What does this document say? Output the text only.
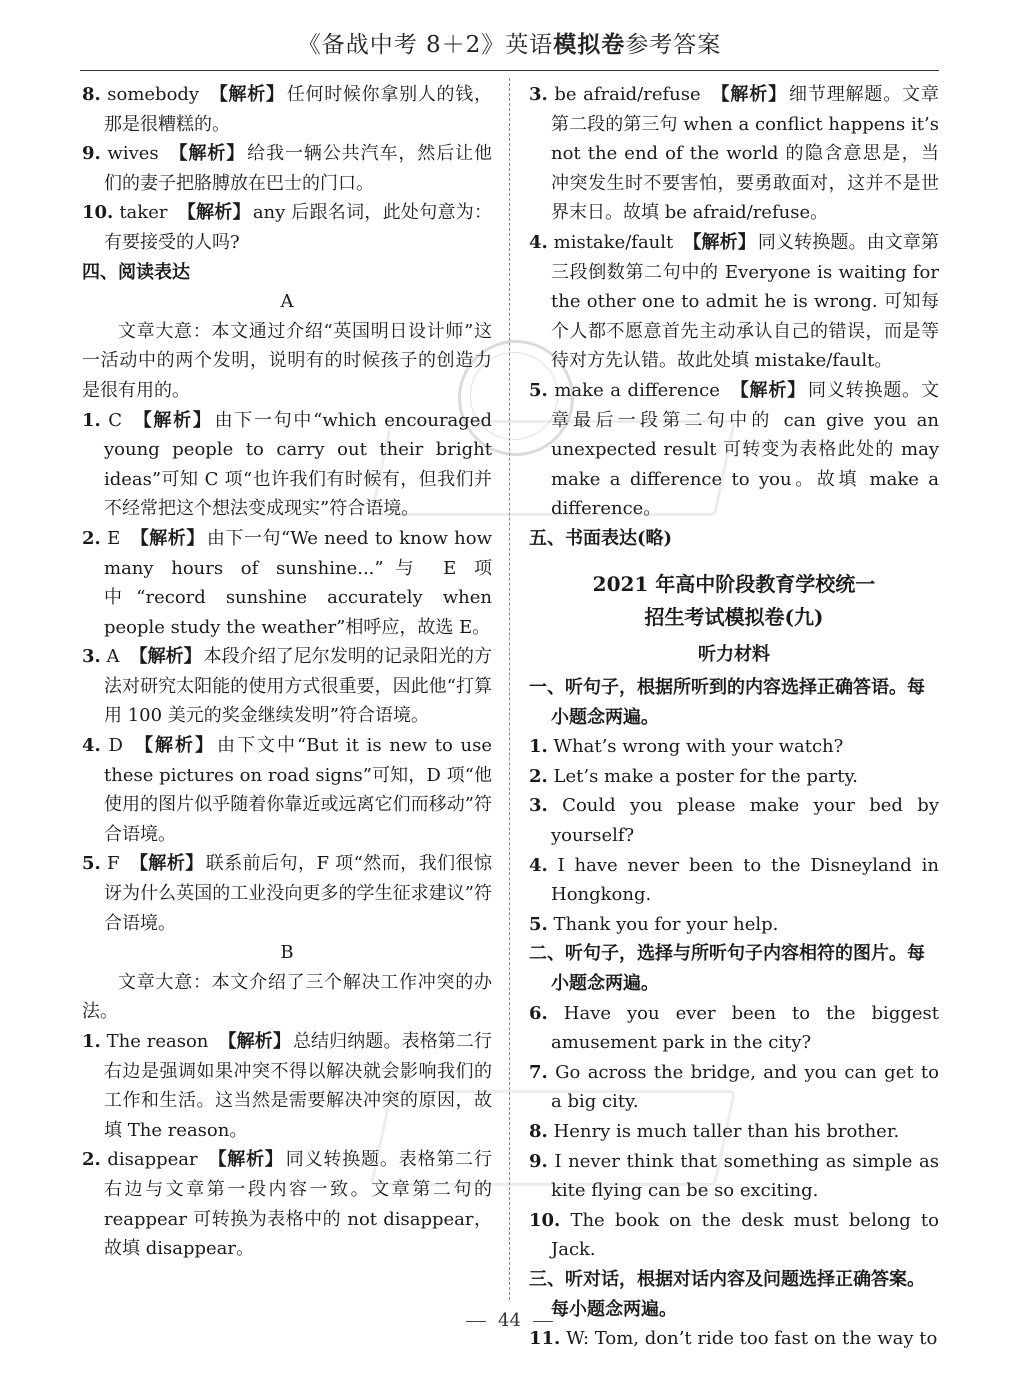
《备战中考 8＋2》英语模拟卷参考答案

8. somebody 【解析】 任何时候你拿别人的钱，那是很糟糕的。

9. wives 【解析】 给我一辆公共汽车，然后让他们的妻子把胳膊放在巴士的门口。

10. taker 【解析】 any 后跟名词，此处句意为：有要接受的人吗?

四、阅读表达

A

文章大意：本文通过介绍“英国明日设计师”这一活动中的两个发明，说明有的时候孩子的创造力是很有用的。

1. C 【解析】 由下一句中“which encouraged young people to carry out their bright ideas”可知 C 项“也许我们有时候有，但我们并不经常把这个想法变成现实”符合语境。

2. E 【解析】 由下一句“We need to know how many hours of sunshine...”与 E 项中“record sunshine accurately when people study the weather”相呼应，故选 E。

3. A 【解析】 本段介绍了尼尔发明的记录阳光的方法对研究太阳能的使用方式很重要，因此他“打算用 100 美元的奖金继续发明”符合语境。

4. D 【解析】 由下文中“But it is new to use these pictures on road signs”可知，D 项“他使用的图片似乎随着你靠近或远离它们而移动”符合语境。

5. F 【解析】 联系前后句，F 项“然而，我们很惊讶为什么英国的工业没向更多的学生征求建议”符合语境。

B

文章大意：本文介绍了三个解决工作冲突的办法。

1. The reason 【解析】 总结归纳题。表格第二行右边是强调如果冲突不得以解决就会影响我们的工作和生活。这当然是需要解决冲突的原因，故填 The reason。

2. disappear 【解析】 同义转换题。表格第二行右边与文章第一段内容一致。文章第二句的 reappear 可转换为表格中的 not disappear，故填 disappear。

3. be afraid/refuse 【解析】 细节理解题。文章第二段的第三句 when a conflict happens it’s not the end of the world 的隐含意思是，当冲突发生时不要害怕，要勇敢面对，这并不是世界末日。故填 be afraid/refuse。

4. mistake/fault 【解析】 同义转换题。由文章第三段倒数第二句中的 Everyone is waiting for the other one to admit he is wrong. 可知每个人都不愿意首先主动承认自己的错误，而是等待对方先认错。故此处填 mistake/fault。

5. make a difference 【解析】 同义转换题。文章最后一段第二句中的 can give you an unexpected result 可转变为表格此处的 may make a difference to you。故填 make a difference。

五、书面表达(略)

2021 年高中阶段教育学校统一
招生考试模拟卷(九)

听力材料

一、听句子，根据所听到的内容选择正确答语。每小题念两遍。

1. What’s wrong with your watch?

2. Let’s make a poster for the party.

3. Could you please make your bed by yourself?

4. I have never been to the Disneyland in Hongkong.

5. Thank you for your help.

二、听句子，选择与所听句子内容相符的图片。每小题念两遍。

6. Have you ever been to the biggest amusement park in the city?

7. Go across the bridge, and you can get to a big city.

8. Henry is much taller than his brother.

9. I never think that something as simple as kite flying can be so exciting.

10. The book on the desk must belong to Jack.

三、听对话，根据对话内容及问题选择正确答案。每小题念两遍。

11. W: Tom, don’t ride too fast on the way to

44
